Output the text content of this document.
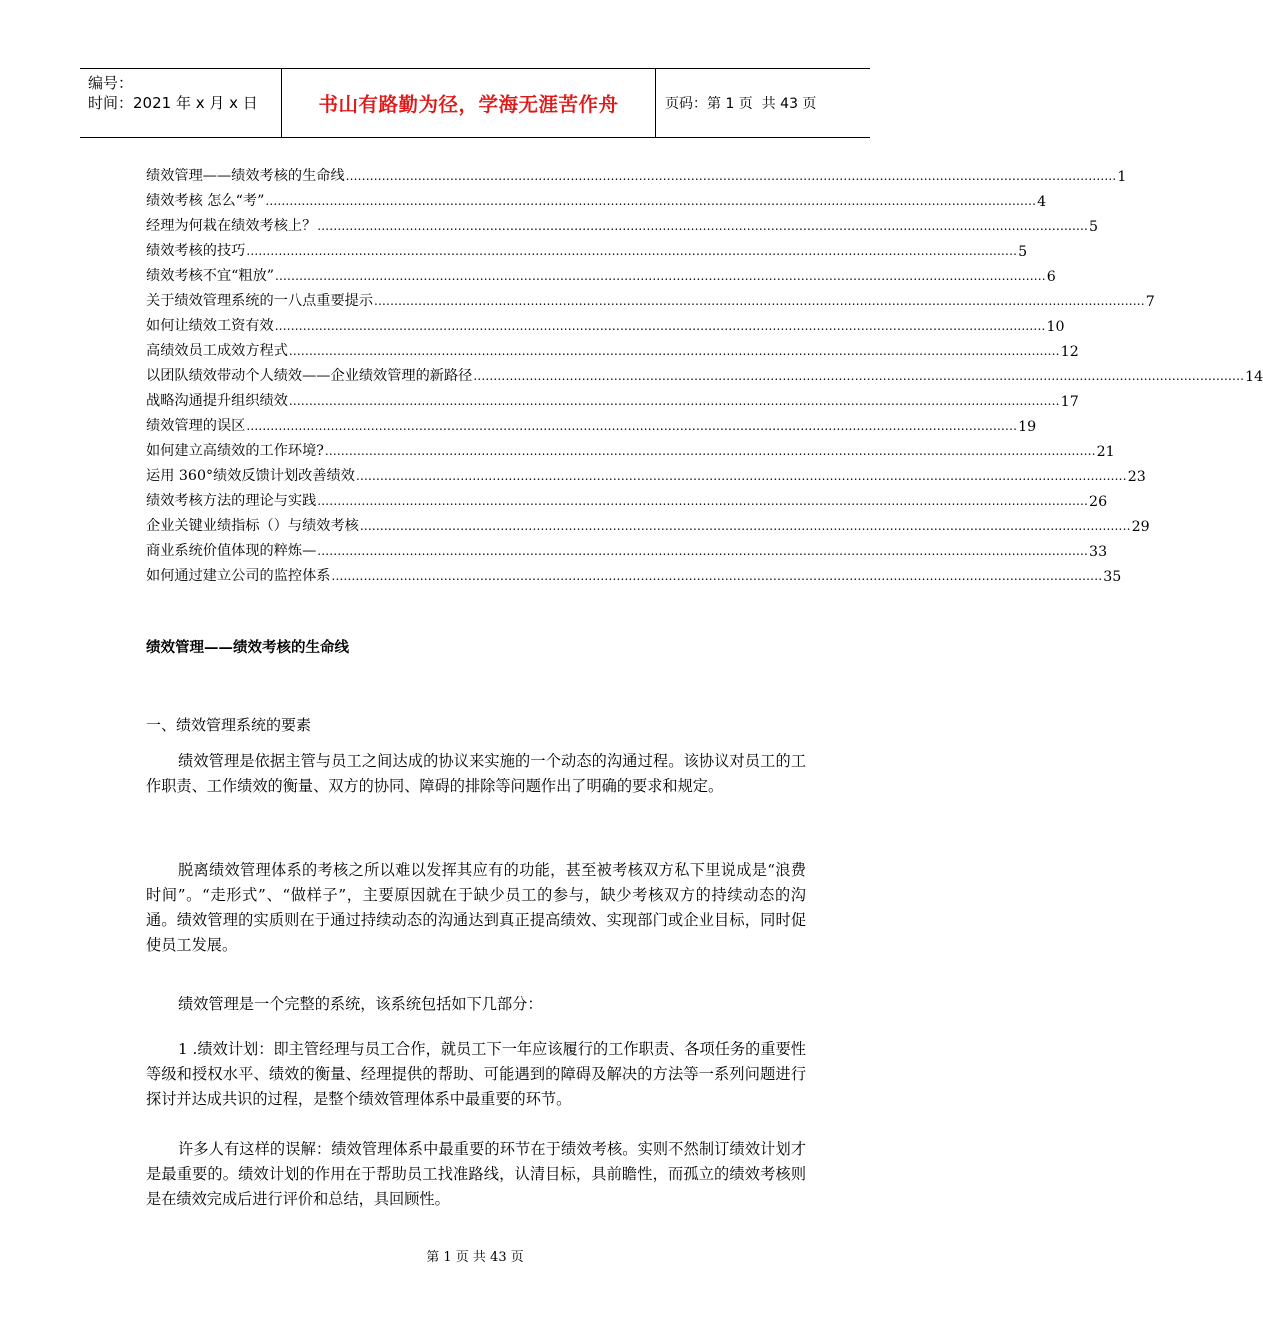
编号：
时间：2021 年 x 月 x 日	书山有路勤为径，学海无涯苦作舟	页码：第 1 页  共 43 页
绩效管理——绩效考核的生命线 ................................................................................................................................................................................................ 1
绩效考核 怎么“考” ................................................................................................................................................................................................ 4
经理为何栽在绩效考核上？ ................................................................................................................................................................................................ 5
绩效考核的技巧 ................................................................................................................................................................................................ 5
绩效考核不宜“粗放” ................................................................................................................................................................................................ 6
关于绩效管理系统的一八点重要提示 ................................................................................................................................................................................................ 7
如何让绩效工资有效 ................................................................................................................................................................................................ 10
高绩效员工成效方程式 ................................................................................................................................................................................................ 12
以团队绩效带动个人绩效——企业绩效管理的新路径 ................................................................................................................................................................................................ 14
战略沟通提升组织绩效 ................................................................................................................................................................................................ 17
绩效管理的误区 ................................................................................................................................................................................................ 19
如何建立高绩效的工作环境? ................................................................................................................................................................................................ 21
运用 360°绩效反馈计划改善绩效 ................................................................................................................................................................................................ 23
绩效考核方法的理论与实践 ................................................................................................................................................................................................ 26
企业关键业绩指标（）与绩效考核 ................................................................................................................................................................................................ 29
商业系统价值体现的粹炼— ................................................................................................................................................................................................ 33
如何通过建立公司的监控体系 ................................................................................................................................................................................................ 35
绩效管理——绩效考核的生命线
一、绩效管理系统的要素

绩效管理是依据主管与员工之间达成的协议来实施的一个动态的沟通过程。该协议对员工的工作职责、工作绩效的衡量、双方的协同、障碍的排除等问题作出了明确的要求和规定。

脱离绩效管理体系的考核之所以难以发挥其应有的功能，甚至被考核双方私下里说成是“浪费时间”。“走形式”、“做样子”，主要原因就在于缺少员工的参与，缺少考核双方的持续动态的沟通。绩效管理的实质则在于通过持续动态的沟通达到真正提高绩效、实现部门或企业目标，同时促使员工发展。

绩效管理是一个完整的系统，该系统包括如下几部分：

1 .绩效计划：即主管经理与员工合作，就员工下一年应该履行的工作职责、各项任务的重要性等级和授权水平、绩效的衡量、经理提供的帮助、可能遇到的障碍及解决的方法等一系列问题进行探讨并达成共识的过程，是整个绩效管理体系中最重要的环节。

许多人有这样的误解：绩效管理体系中最重要的环节在于绩效考核。实则不然制订绩效计划才是最重要的。绩效计划的作用在于帮助员工找准路线，认清目标，具前瞻性，而孤立的绩效考核则是在绩效完成后进行评价和总结，具回顾性。

第 1 页 共 43 页
